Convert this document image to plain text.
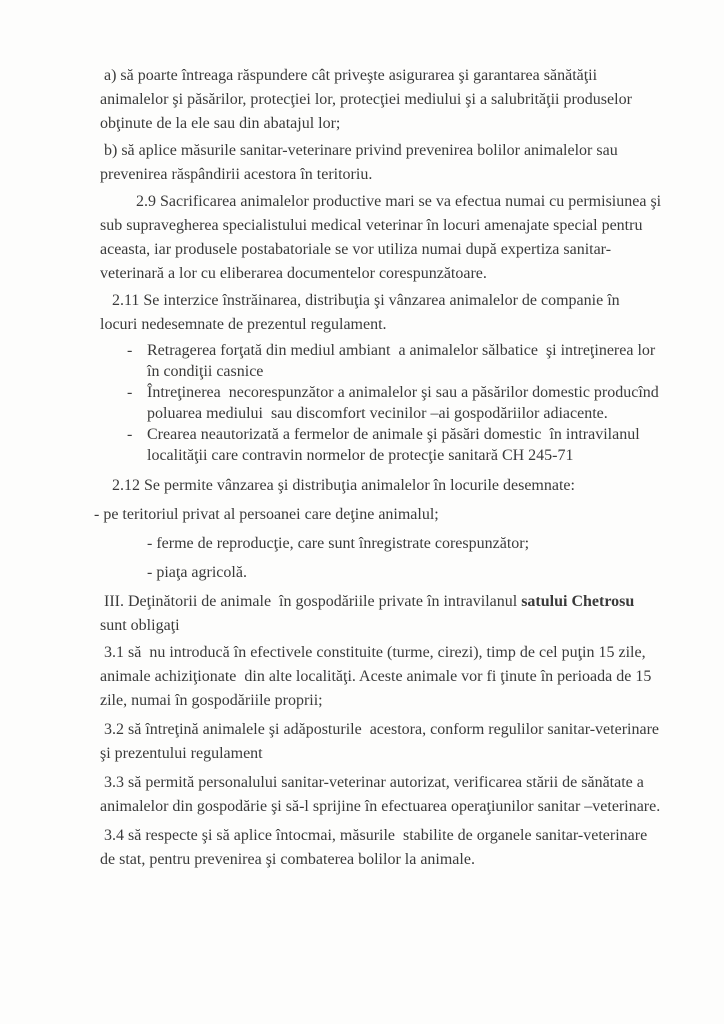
a) să poarte întreaga răspundere cât priveşte asigurarea şi garantarea sănătăţii animalelor şi păsărilor, protecţiei lor, protecţiei mediului şi a salubrităţii produselor obţinute de la ele sau din abatajul lor;

b) să aplice măsurile sanitar-veterinare privind prevenirea bolilor animalelor sau prevenirea răspândirii acestora în teritoriu.

2.9 Sacrificarea animalelor productive mari se va efectua numai cu permisiunea şi sub supravegherea specialistului medical veterinar în locuri amenajate special pentru aceasta, iar produsele postabatoriale se vor utiliza numai după expertiza sanitar-veterinară a lor cu eliberarea documentelor corespunzătoare.

2.11 Se interzice înstrăinarea, distribuţia şi vânzarea animalelor de companie în  locuri nedesemnate de prezentul regulament.

- Retragerea forţată din mediul ambiant  a animalelor sălbatice  şi intreţinerea lor în condiţii casnice
- Întreţinerea  necorespunzător a animalelor şi sau a păsărilor domestic producînd poluarea mediului  sau discomfort vecinilor –ai gospodăriilor adiacente.
- Crearea neautorizată a fermelor de animale şi păsări domestic  în intravilanul localităţii care contravin normelor de protecţie sanitară CH 245-71

2.12 Se permite vânzarea şi distribuţia animalelor în locurile desemnate:

- pe teritoriul privat al persoanei care deţine animalul;

- ferme de reproducţie, care sunt înregistrate corespunzător;

- piaţa agricolă.

III. Deţinătorii de animale  în gospodăriile private în intravilanul satului Chetrosu  sunt obligaţi

3.1 să  nu introducă în efectivele constituite (turme, cirezi), timp de cel puţin 15 zile, animale achiziţionate  din alte localităţi. Aceste animale vor fi ţinute în perioada de 15 zile, numai în gospodăriile proprii;

3.2 să întreţină animalele şi adăposturile  acestora, conform regulilor sanitar-veterinare şi prezentului regulament

3.3 să permită personalului sanitar-veterinar autorizat, verificarea stării de sănătate a animalelor din gospodărie şi să-l sprijine în efectuarea operaţiunilor sanitar –veterinare.

3.4 să respecte şi să aplice întocmai, măsurile  stabilite de organele sanitar-veterinare de stat, pentru prevenirea şi combaterea bolilor la animale.
